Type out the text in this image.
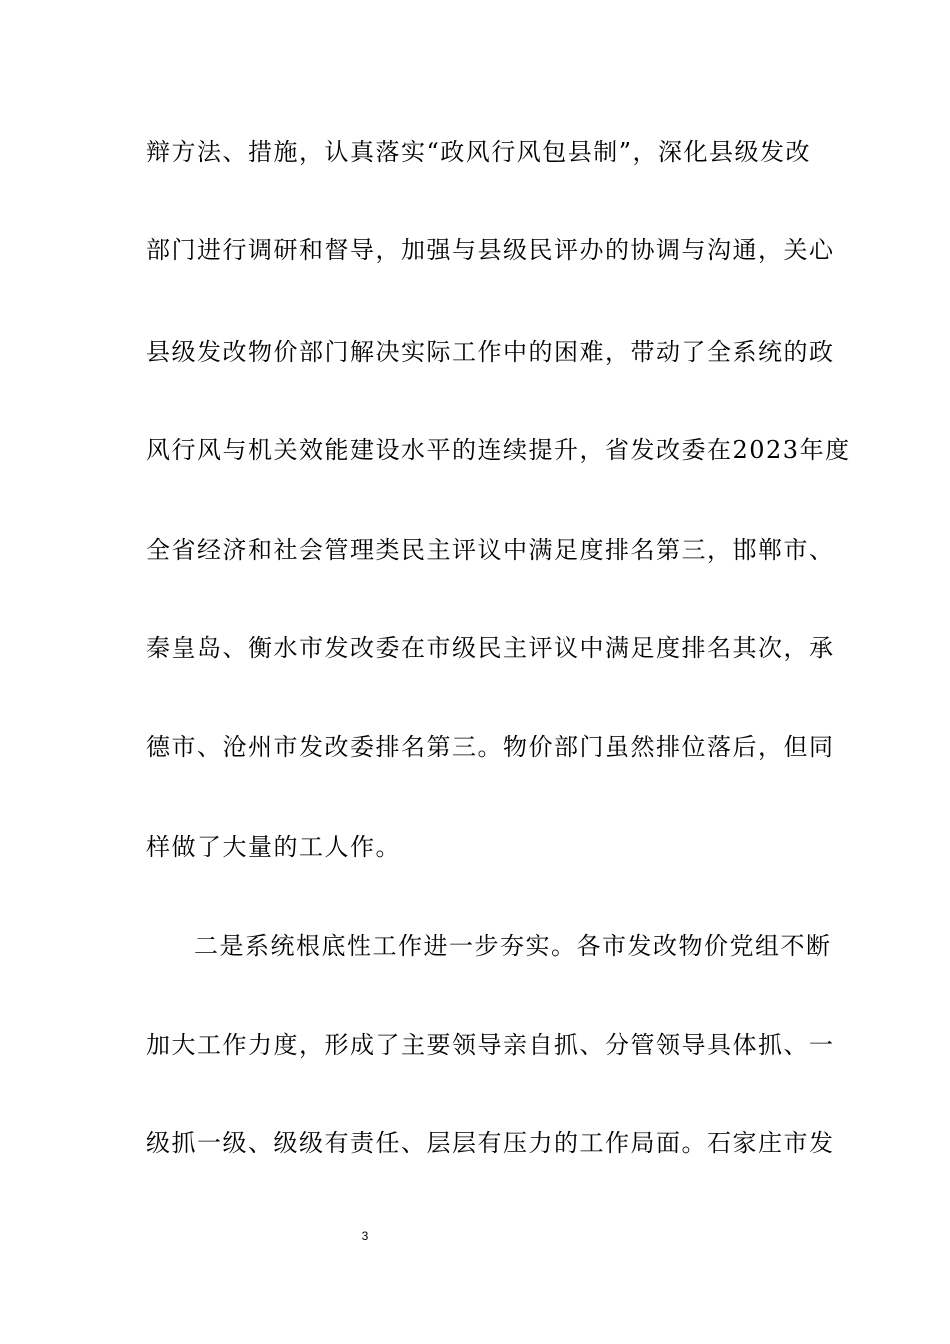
辩方法、措施，认真落实“政风行风包县制”，深化县级发改
部门进行调研和督导，加强与县级民评办的协调与沟通，关心
县级发改物价部门解决实际工作中的困难，带动了全系统的政
风行风与机关效能建设水平的连续提升，省发改委在2023年度
全省经济和社会管理类民主评议中满足度排名第三，邯郸市、
秦皇岛、衡水市发改委在市级民主评议中满足度排名其次，承
德市、沧州市发改委排名第三。物价部门虽然排位落后，但同
样做了大量的工人作。
二是系统根底性工作进一步夯实。各市发改物价党组不断
加大工作力度，形成了主要领导亲自抓、分管领导具体抓、一
级抓一级、级级有责任、层层有压力的工作局面。石家庄市发
3
